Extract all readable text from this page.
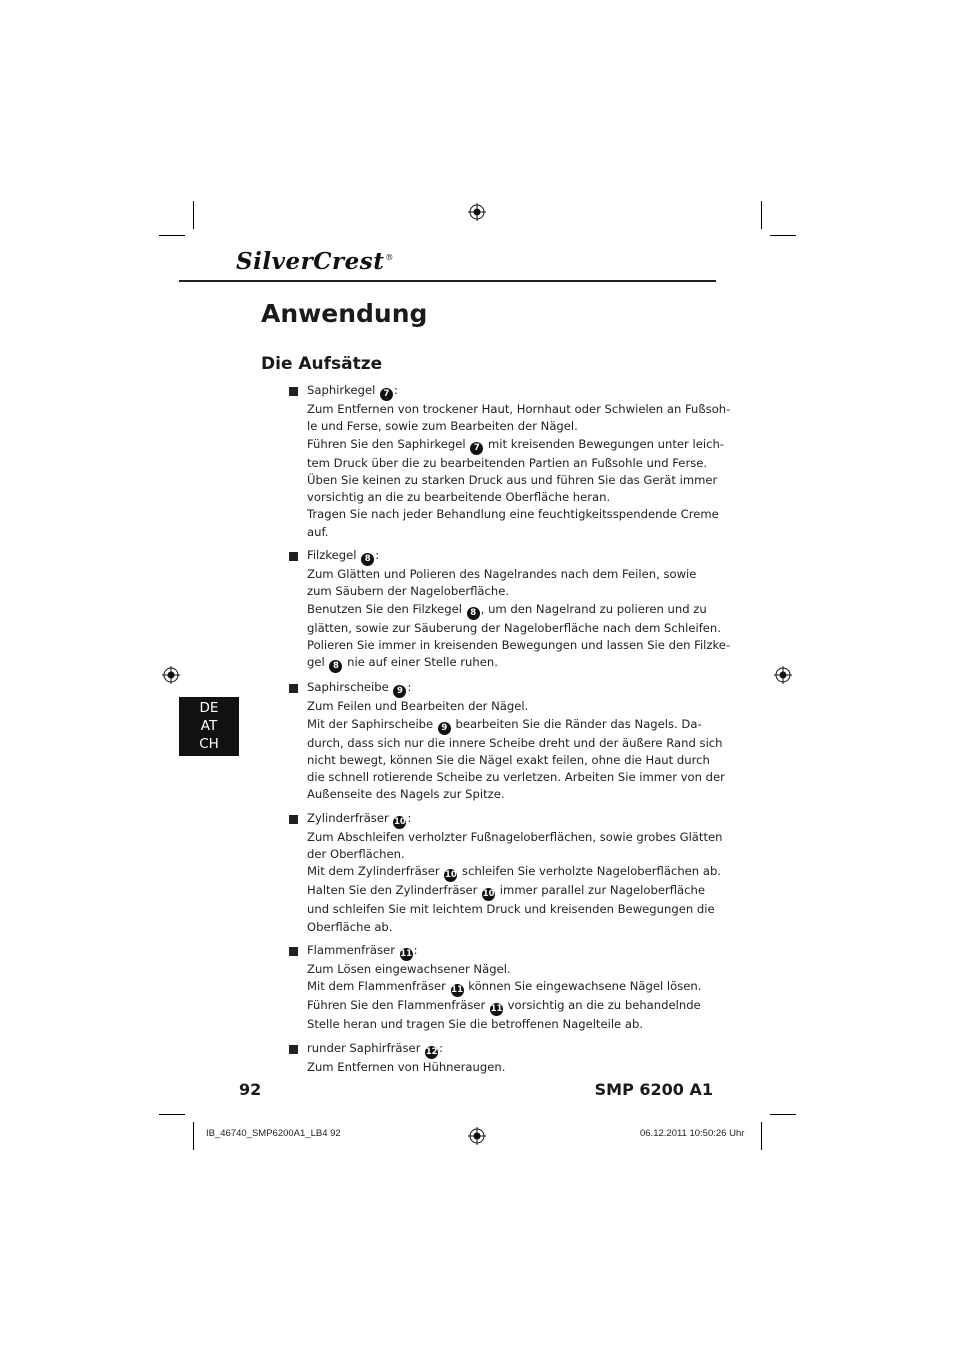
SilverCrest®
Anwendung
Die Aufsätze
DE
AT
CH
Saphirkegel 7 :
Zum Entfernen von trockener Haut, Hornhaut oder Schwielen an Fußsoh-
le und Ferse, sowie zum Bearbeiten der Nägel.
Führen Sie den Saphirkegel 7 mit kreisenden Bewegungen unter leich-
tem Druck über die zu bearbeitenden Partien an Fußsohle und Ferse.
Üben Sie keinen zu starken Druck aus und führen Sie das Gerät immer
vorsichtig an die zu bearbeitende Oberfläche heran.
Tragen Sie nach jeder Behandlung eine feuchtigkeitsspendende Creme
auf.
Filzkegel 8 :
Zum Glätten und Polieren des Nagelrandes nach dem Feilen, sowie
zum Säubern der Nageloberfläche.
Benutzen Sie den Filzkegel 8 , um den Nagelrand zu polieren und zu
glätten, sowie zur Säuberung der Nageloberfläche nach dem Schleifen.
Polieren Sie immer in kreisenden Bewegungen und lassen Sie den Filzke-
gel 8 nie auf einer Stelle ruhen.
Saphirscheibe 9 :
Zum Feilen und Bearbeiten der Nägel.
Mit der Saphirscheibe 9 bearbeiten Sie die Ränder das Nagels. Da-
durch, dass sich nur die innere Scheibe dreht und der äußere Rand sich
nicht bewegt, können Sie die Nägel exakt feilen, ohne die Haut durch
die schnell rotierende Scheibe zu verletzen. Arbeiten Sie immer von der
Außenseite des Nagels zur Spitze.
Zylinderfräser 10 :
Zum Abschleifen verholzter Fußnageloberflächen, sowie grobes Glätten
der Oberflächen.
Mit dem Zylinderfräser 10 schleifen Sie verholzte Nageloberflächen ab.
Halten Sie den Zylinderfräser 10 immer parallel zur Nageloberfläche
und schleifen Sie mit leichtem Druck und kreisenden Bewegungen die
Oberfläche ab.
Flammenfräser 11 :
Zum Lösen eingewachsener Nägel.
Mit dem Flammenfräser 11 können Sie eingewachsene Nägel lösen.
Führen Sie den Flammenfräser 11 vorsichtig an die zu behandelnde
Stelle heran und tragen Sie die betroffenen Nagelteile ab.
runder Saphirfräser 12 :
Zum Entfernen von Hühneraugen.
92	SMP 6200 A1
IB_46740_SMP6200A1_LB4 92	06.12.2011 10:50:26 Uhr
